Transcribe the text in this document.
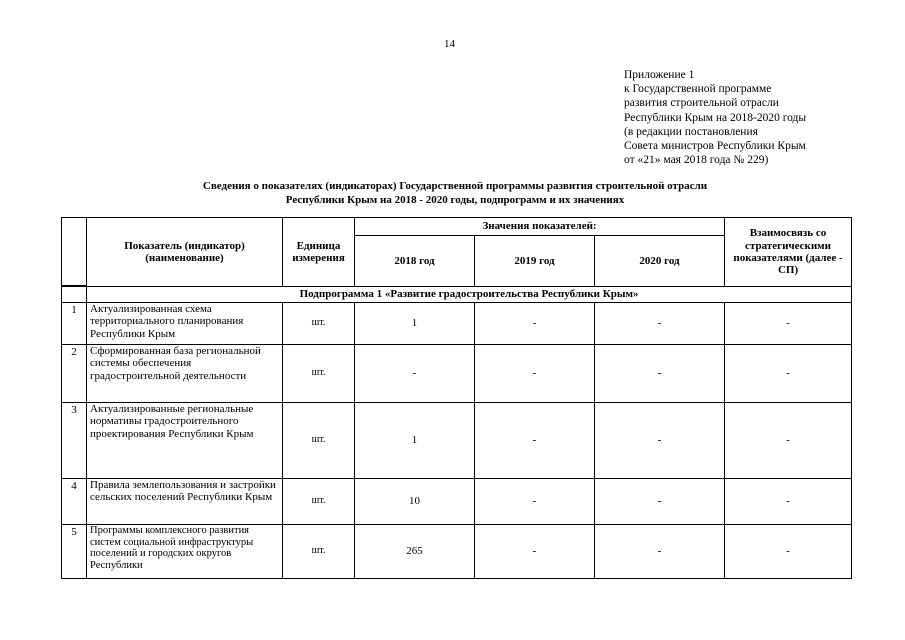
14
Приложение 1
к Государственной программе
развития строительной отрасли
Республики Крым на 2018-2020 годы
(в редакции постановления
Совета министров Республики Крым
от «21» мая 2018 года № 229)
Сведения о показателях (индикаторах) Государственной программы развития строительной отрасли
Республики Крым на 2018 - 2020 годы, подпрограмм и их значениях
	Показатель (индикатор) (наименование)	Единица измерения	Значения показателей:			Взаимосвязь со стратегическими показателями (далее - СП)
			2018 год	2019 год	2020 год	

	Подпрограмма 1 «Развитие градостроительства Республики Крым»					
1	Актуализированная схема территориального планирования Республики Крым	шт.	1	-	-	-
2	Сформированная база региональной системы обеспечения градостроительной деятельности	шт.	-	-	-	-
3	Актуализированные региональные нормативы градостроительного проектирования Республики Крым	шт.	1	-	-	-
4	Правила землепользования и застройки сельских поселений Республики Крым	шт.	10	-	-	-
5	Программы комплексного развития систем социальной инфраструктуры поселений и городских округов Республики	шт.	265	-	-	-
